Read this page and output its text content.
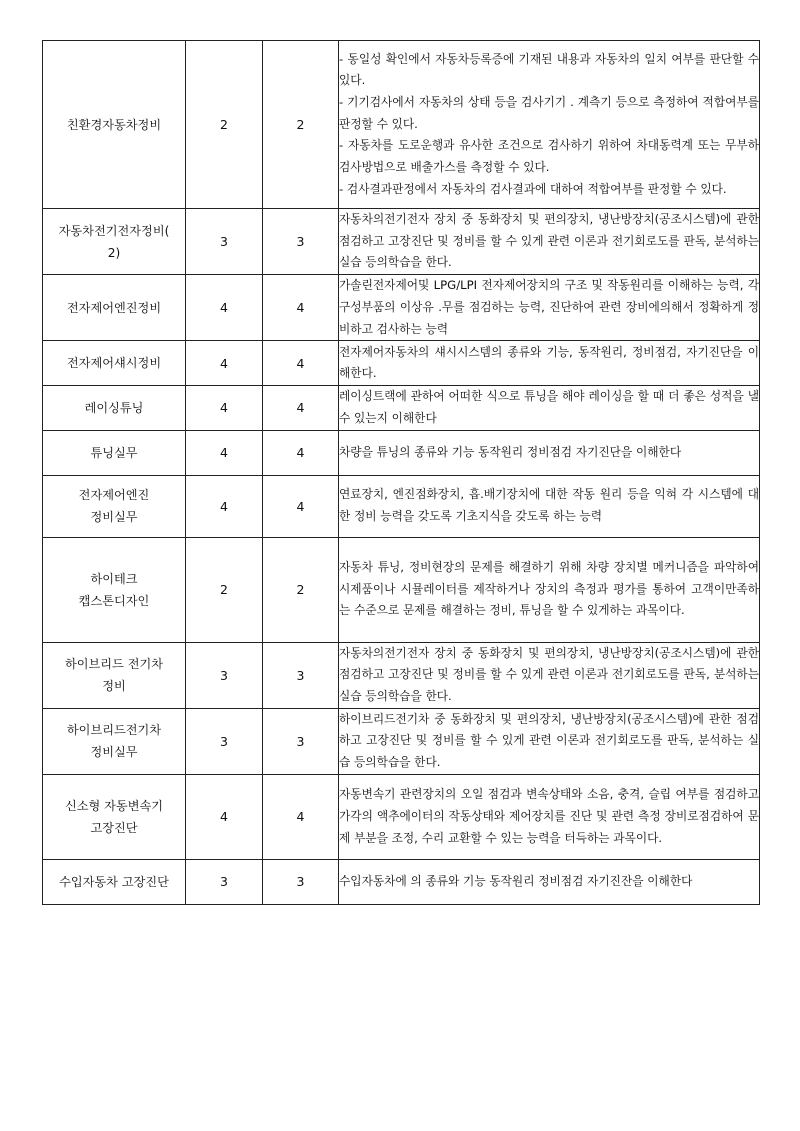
친환경자동차정비	2	2	- 동일성 확인에서 자동차등록증에 기재된 내용과 자동차의 일치 여부를 판단할 수 있다.
- 기기검사에서 자동차의 상태 등을 검사기기 . 계측기 등으로 측정하여 적합여부를 판정할 수 있다.
- 자동차를 도로운행과 유사한 조건으로 검사하기 위하여 차대동력계 또는 무부하검사방법으로 배출가스를 측정할 수 있다.
- 검사결과판정에서 자동차의 검사결과에 대하여 적합여부를 판정할 수 있다.

자동차전기전자정비(
2)	3	3	자동차의전기전자 장치 중 동화장치 및 편의장치, 냉난방장치(공조시스템)에 관한 점검하고 고장진단 및 정비를 할 수 있게 관련 이론과 전기회로도를 판독, 분석하는 실습 등의학습을 한다.

전자제어엔진정비	4	4	가솔린전자제어및 LPG/LPI 전자제어장치의 구조 및 작동원리를 이해하는 능력, 각 구성부품의 이상유 .무를 점검하는 능력, 진단하여 관련 장비에의해서 정확하게 정비하고 검사하는 능력

전자제어섀시정비	4	4	전자제어자동차의 섀시시스템의 종류와 기능, 동작원리, 정비점검, 자기진단을 이해한다.

레이싱튜닝	4	4	레이싱트랙에 관하여 어떠한 식으로 튜닝을 해야 레이싱을 할 때 더 좋은 성적을 낼수 있는지 이해한다

튜닝실무	4	4	차량을 튜닝의 종류와 기능 동작원리 정비점검 자기진단을 이해한다

전자제어엔진
정비실무	4	4	연료장치, 엔진점화장치, 흡.배기장치에 대한 작동 원리 등을 익혀 각 시스템에 대한 정비 능력을 갖도록 기초지식을 갖도록 하는 능력

하이테크
캡스톤디자인	2	2	자동차 튜닝, 정비현장의 문제를 해결하기 위해 차량 장치별 메커니즘을 파악하여 시제품이나 시뮬레이터를 제작하거나 장치의 측정과 평가를 통하여 고객이만족하는 수준으로 문제를 해결하는 정비, 튜닝을 할 수 있게하는 과목이다.

하이브리드 전기차
정비	3	3	자동차의전기전자 장치 중 동화장치 및 편의장치, 냉난방장치(공조시스템)에 관한 점검하고 고장진단 및 정비를 할 수 있게 관련 이론과 전기회로도를 판독, 분석하는 실습 등의학습을 한다.

하이브리드전기차
정비실무	3	3	하이브리드전기차 중 동화장치 및 편의장치, 냉난방장치(공조시스템)에 관한 점검하고 고장진단 및 정비를 할 수 있게 관련 이론과 전기회로도를 판독, 분석하는 실습 등의학습을 한다.

신소형 자동변속기
고장진단	4	4	자동변속기 관련장치의 오일 점검과 변속상태와 소음, 충격, 슬립 여부를 점검하고 가각의 액추에이터의 작동상태와 제어장치를 진단 및 관련 측정 장비로점검하여 문제 부분을 조정, 수리 교환할 수 있는 능력을 터득하는 과목이다.

수입자동차 고장진단	3	3	수입자동차에 의 종류와 기능 동작원리 정비점검 자기진잔을 이해한다
